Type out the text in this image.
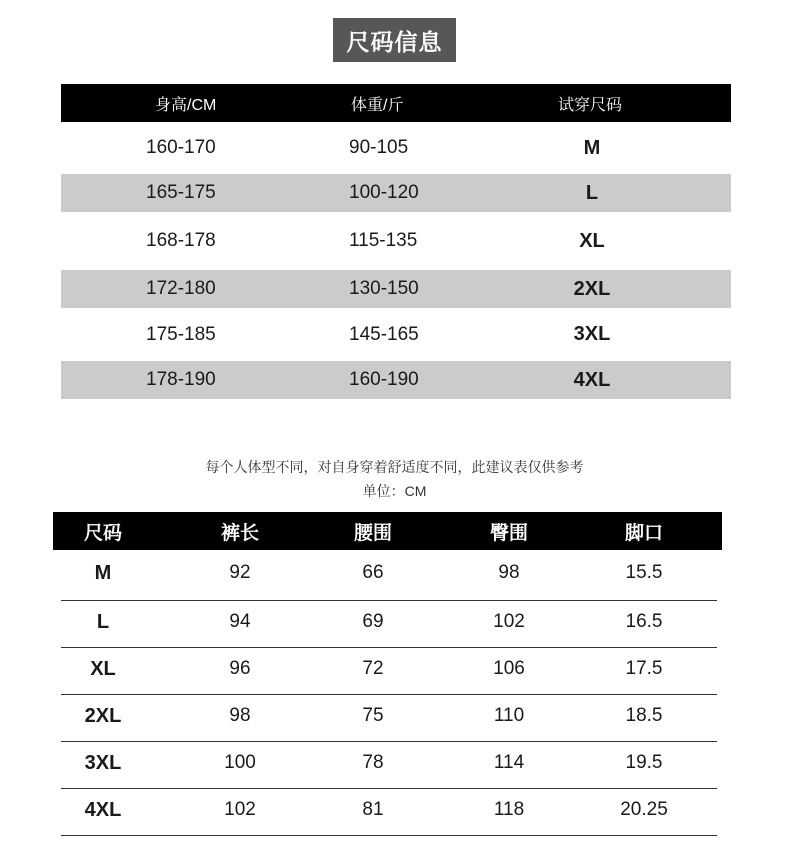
尺码信息
身高/CM	体重/斤	试穿尺码
160-170	90-105	M
165-175	100-120	L
168-178	115-135	XL
172-180	130-150	2XL
175-185	145-165	3XL
178-190	160-190	4XL
每个人体型不同，对自身穿着舒适度不同，此建议表仅供参考
单位：CM
尺码	裤长	腰围	臀围	脚口
M	92	66	98	15.5
L	94	69	102	16.5
XL	96	72	106	17.5
2XL	98	75	110	18.5
3XL	100	78	114	19.5
4XL	102	81	118	20.25
